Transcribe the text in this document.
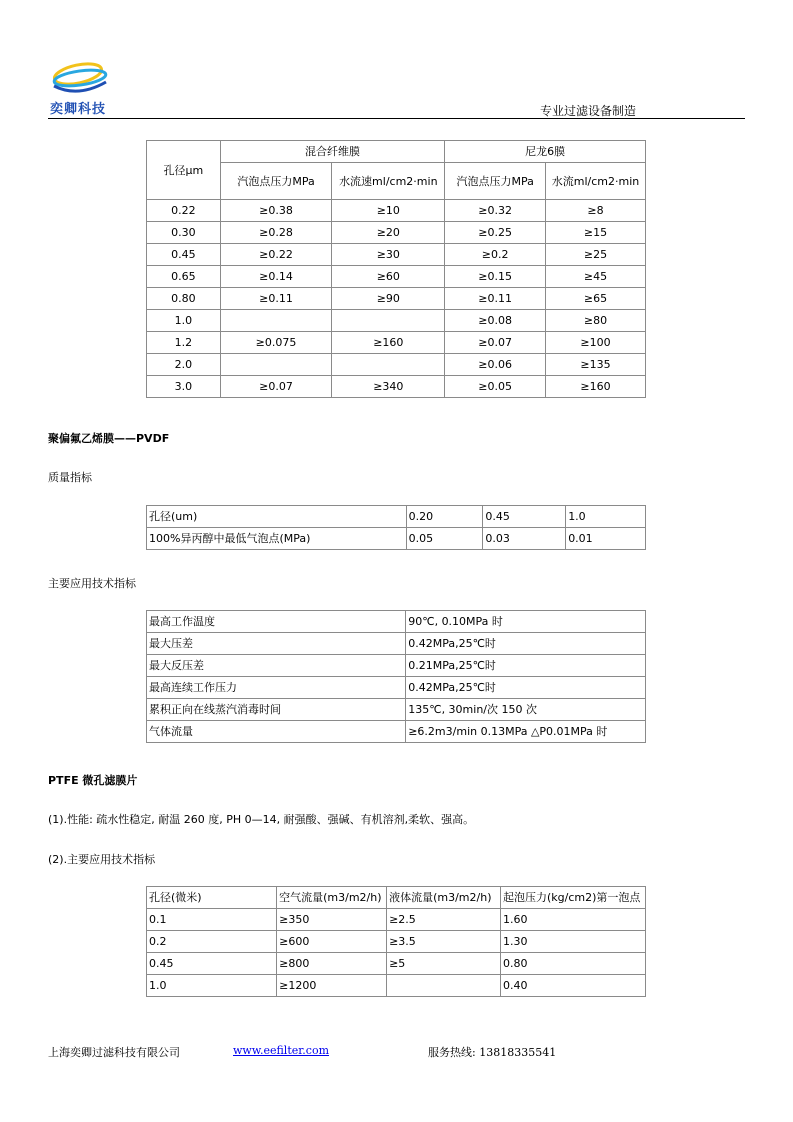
奕卿科技	专业过滤设备制造
孔径μm	混合纤维膜		尼龙6膜	
	汽泡点压力MPa	水流速ml/cm2·min	汽泡点压力MPa	水流ml/cm2·min
0.22	≥0.38	≥10	≥0.32	≥8
0.30	≥0.28	≥20	≥0.25	≥15
0.45	≥0.22	≥30	≥0.2	≥25
0.65	≥0.14	≥60	≥0.15	≥45
0.80	≥0.11	≥90	≥0.11	≥65
1.0			≥0.08	≥80
1.2	≥0.075	≥160	≥0.07	≥100
2.0			≥0.06	≥135
3.0	≥0.07	≥340	≥0.05	≥160
聚偏氟乙烯膜——PVDF
质量指标
孔径(um)	0.20	0.45	1.0
100%异丙醇中最低气泡点(MPa)	0.05	0.03	0.01
主要应用技术指标
最高工作温度	90℃, 0.10MPa 时
最大压差	0.42MPa,25℃时
最大反压差	0.21MPa,25℃时
最高连续工作压力	0.42MPa,25℃时
累积正向在线蒸汽消毒时间	135℃, 30min/次 150 次
气体流量	≥6.2m3/min 0.13MPa △P0.01MPa 时
PTFE 微孔滤膜片
(1).性能: 疏水性稳定, 耐温 260 度, PH 0—14, 耐强酸、强碱、有机溶剂,柔软、强高。
(2).主要应用技术指标
孔径(微米)	空气流量(m3/m2/h)	液体流量(m3/m2/h)	起泡压力(kg/cm2)第一泡点
0.1	≥350	≥2.5	1.60
0.2	≥600	≥3.5	1.30
0.45	≥800	≥5	0.80
1.0	≥1200		0.40
上海奕卿过滤科技有限公司	www.eefilter.com	服务热线: 13818335541
